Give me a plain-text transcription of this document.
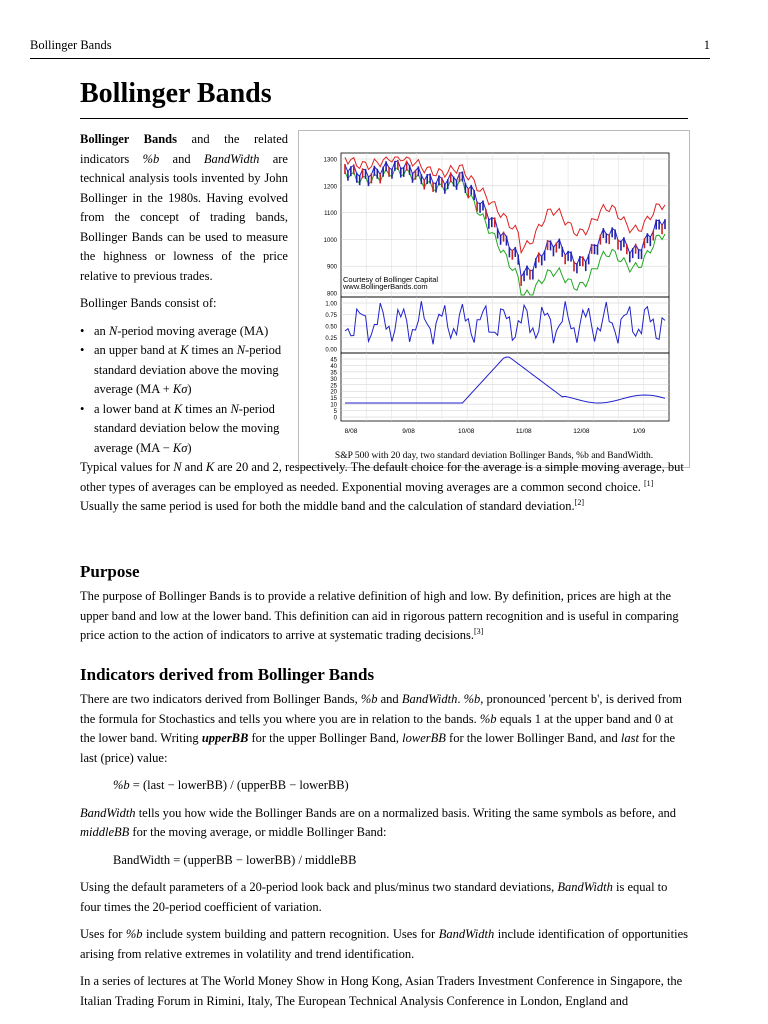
Bollinger Bands	1
Bollinger Bands

Bollinger Bands and the related indicators %b and BandWidth are technical analysis tools invented by John Bollinger in the 1980s. Having evolved from the concept of trading bands, Bollinger Bands can be used to measure the highness or lowness of the price relative to previous trades.

Bollinger Bands consist of:

• an N-period moving average (MA)
• an upper band at K times an N-period standard deviation above the moving average (MA + Kσ)
• a lower band at K times an N-period standard deviation below the moving average (MA − Kσ)
1300
1200
1100
1000
900
800
1.00
0.75
0.50
0.25
0.00
45
40
35
30
25
20
15
10
5
0
8/08	9/08	10/08	11/08	12/08	1/09
Courtesy of Bollinger Capital
www.BollingerBands.com
S&P 500 with 20 day, two standard deviation Bollinger Bands, %b and BandWidth.

Typical values for N and K are 20 and 2, respectively. The default choice for the average is a simple moving average, but other types of averages can be employed as needed. Exponential moving averages are a common second choice. [1] Usually the same period is used for both the middle band and the calculation of standard deviation.[2]

Purpose

The purpose of Bollinger Bands is to provide a relative definition of high and low. By definition, prices are high at the upper band and low at the lower band. This definition can aid in rigorous pattern recognition and is useful in comparing price action to the action of indicators to arrive at systematic trading decisions.[3]

Indicators derived from Bollinger Bands

There are two indicators derived from Bollinger Bands, %b and BandWidth. %b, pronounced 'percent b', is derived from the formula for Stochastics and tells you where you are in relation to the bands. %b equals 1 at the upper band and 0 at the lower band. Writing upperBB for the upper Bollinger Band, lowerBB for the lower Bollinger Band, and last for the last (price) value:

%b = (last − lowerBB) / (upperBB − lowerBB)

BandWidth tells you how wide the Bollinger Bands are on a normalized basis. Writing the same symbols as before, and middleBB for the moving average, or middle Bollinger Band:

BandWidth = (upperBB − lowerBB) / middleBB

Using the default parameters of a 20-period look back and plus/minus two standard deviations, BandWidth is equal to four times the 20-period coefficient of variation.

Uses for %b include system building and pattern recognition. Uses for BandWidth include identification of opportunities arising from relative extremes in volatility and trend identification.

In a series of lectures at The World Money Show in Hong Kong, Asian Traders Investment Conference in Singapore, the Italian Trading Forum in Rimini, Italy, The European Technical Analysis Conference in London, England and
